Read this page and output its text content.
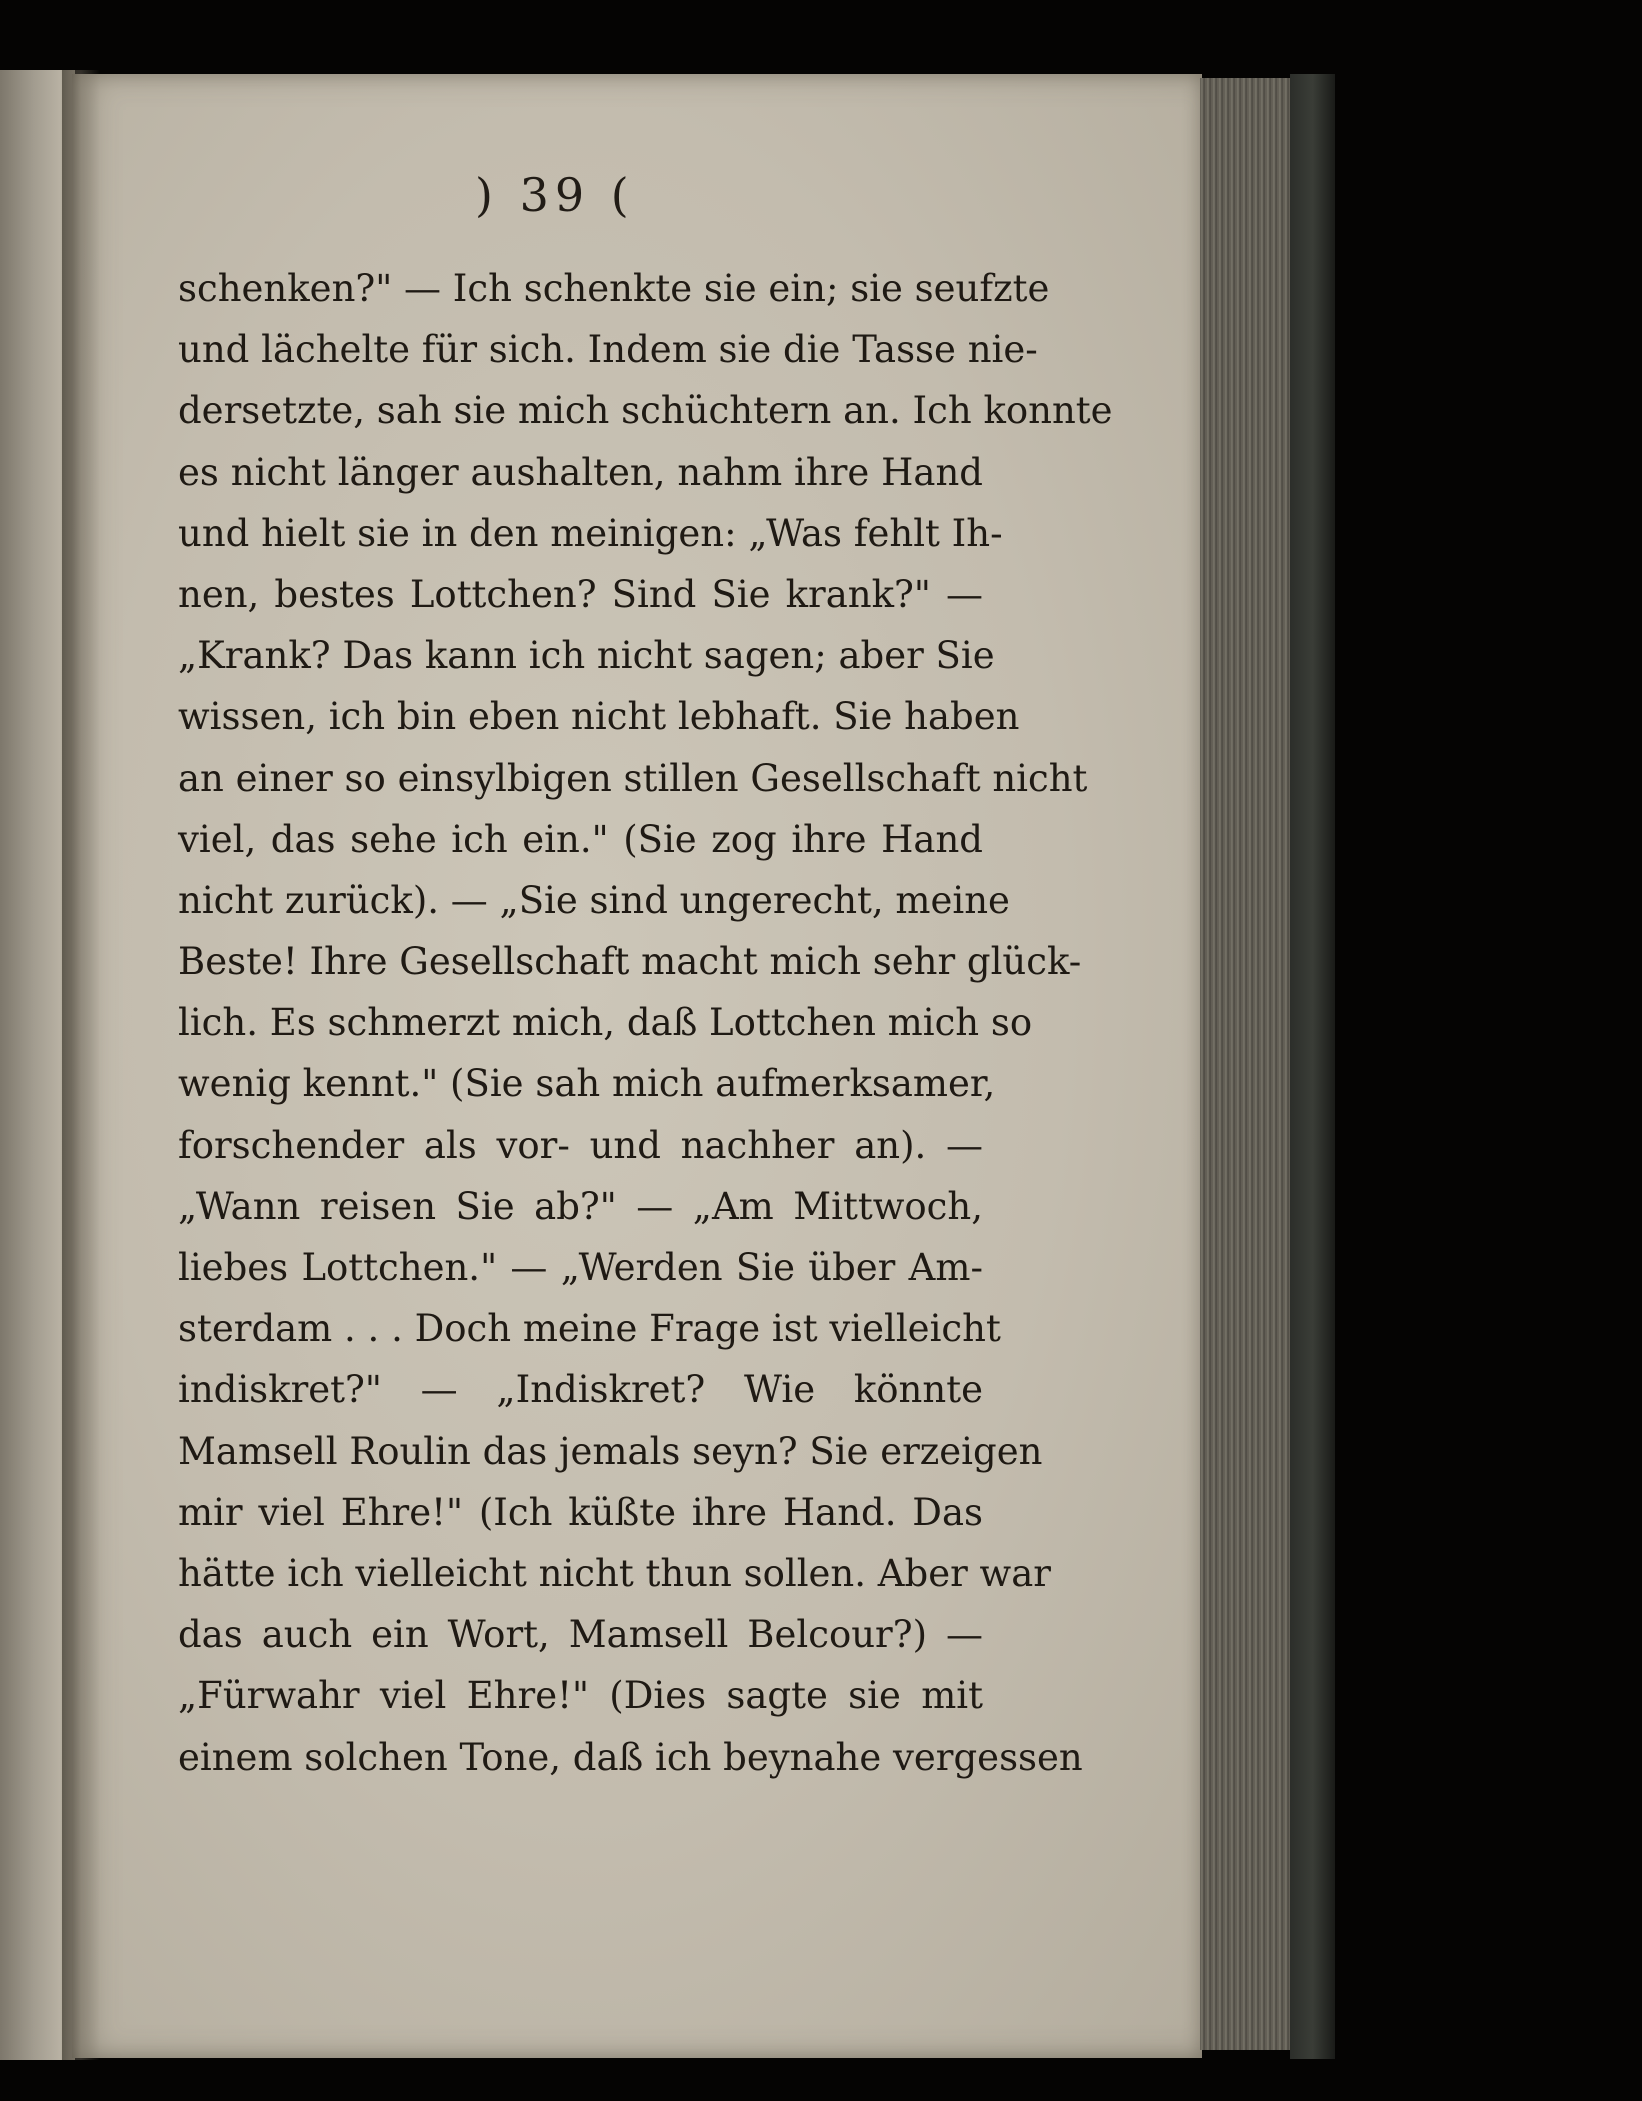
) 39 (
schenken?" — Ich schenkte sie ein; sie seufzte
und lächelte für sich. Indem sie die Tasse nie-
dersetzte, sah sie mich schüchtern an. Ich konnte
es nicht länger aushalten, nahm ihre Hand
und hielt sie in den meinigen: „Was fehlt Ih-
nen, bestes Lottchen? Sind Sie krank?" —
„Krank? Das kann ich nicht sagen; aber Sie
wissen, ich bin eben nicht lebhaft. Sie haben
an einer so einsylbigen stillen Gesellschaft nicht
viel, das sehe ich ein." (Sie zog ihre Hand
nicht zurück). — „Sie sind ungerecht, meine
Beste! Ihre Gesellschaft macht mich sehr glück-
lich. Es schmerzt mich, daß Lottchen mich so
wenig kennt." (Sie sah mich aufmerksamer,
forschender als vor- und nachher an). —
„Wann reisen Sie ab?" — „Am Mittwoch,
liebes Lottchen." — „Werden Sie über Am-
sterdam . . . Doch meine Frage ist vielleicht
indiskret?" — „Indiskret? Wie könnte
Mamsell Roulin das jemals seyn? Sie erzeigen
mir viel Ehre!" (Ich küßte ihre Hand. Das
hätte ich vielleicht nicht thun sollen. Aber war
das auch ein Wort, Mamsell Belcour?) —
„Fürwahr viel Ehre!" (Dies sagte sie mit
einem solchen Tone, daß ich beynahe vergessen
